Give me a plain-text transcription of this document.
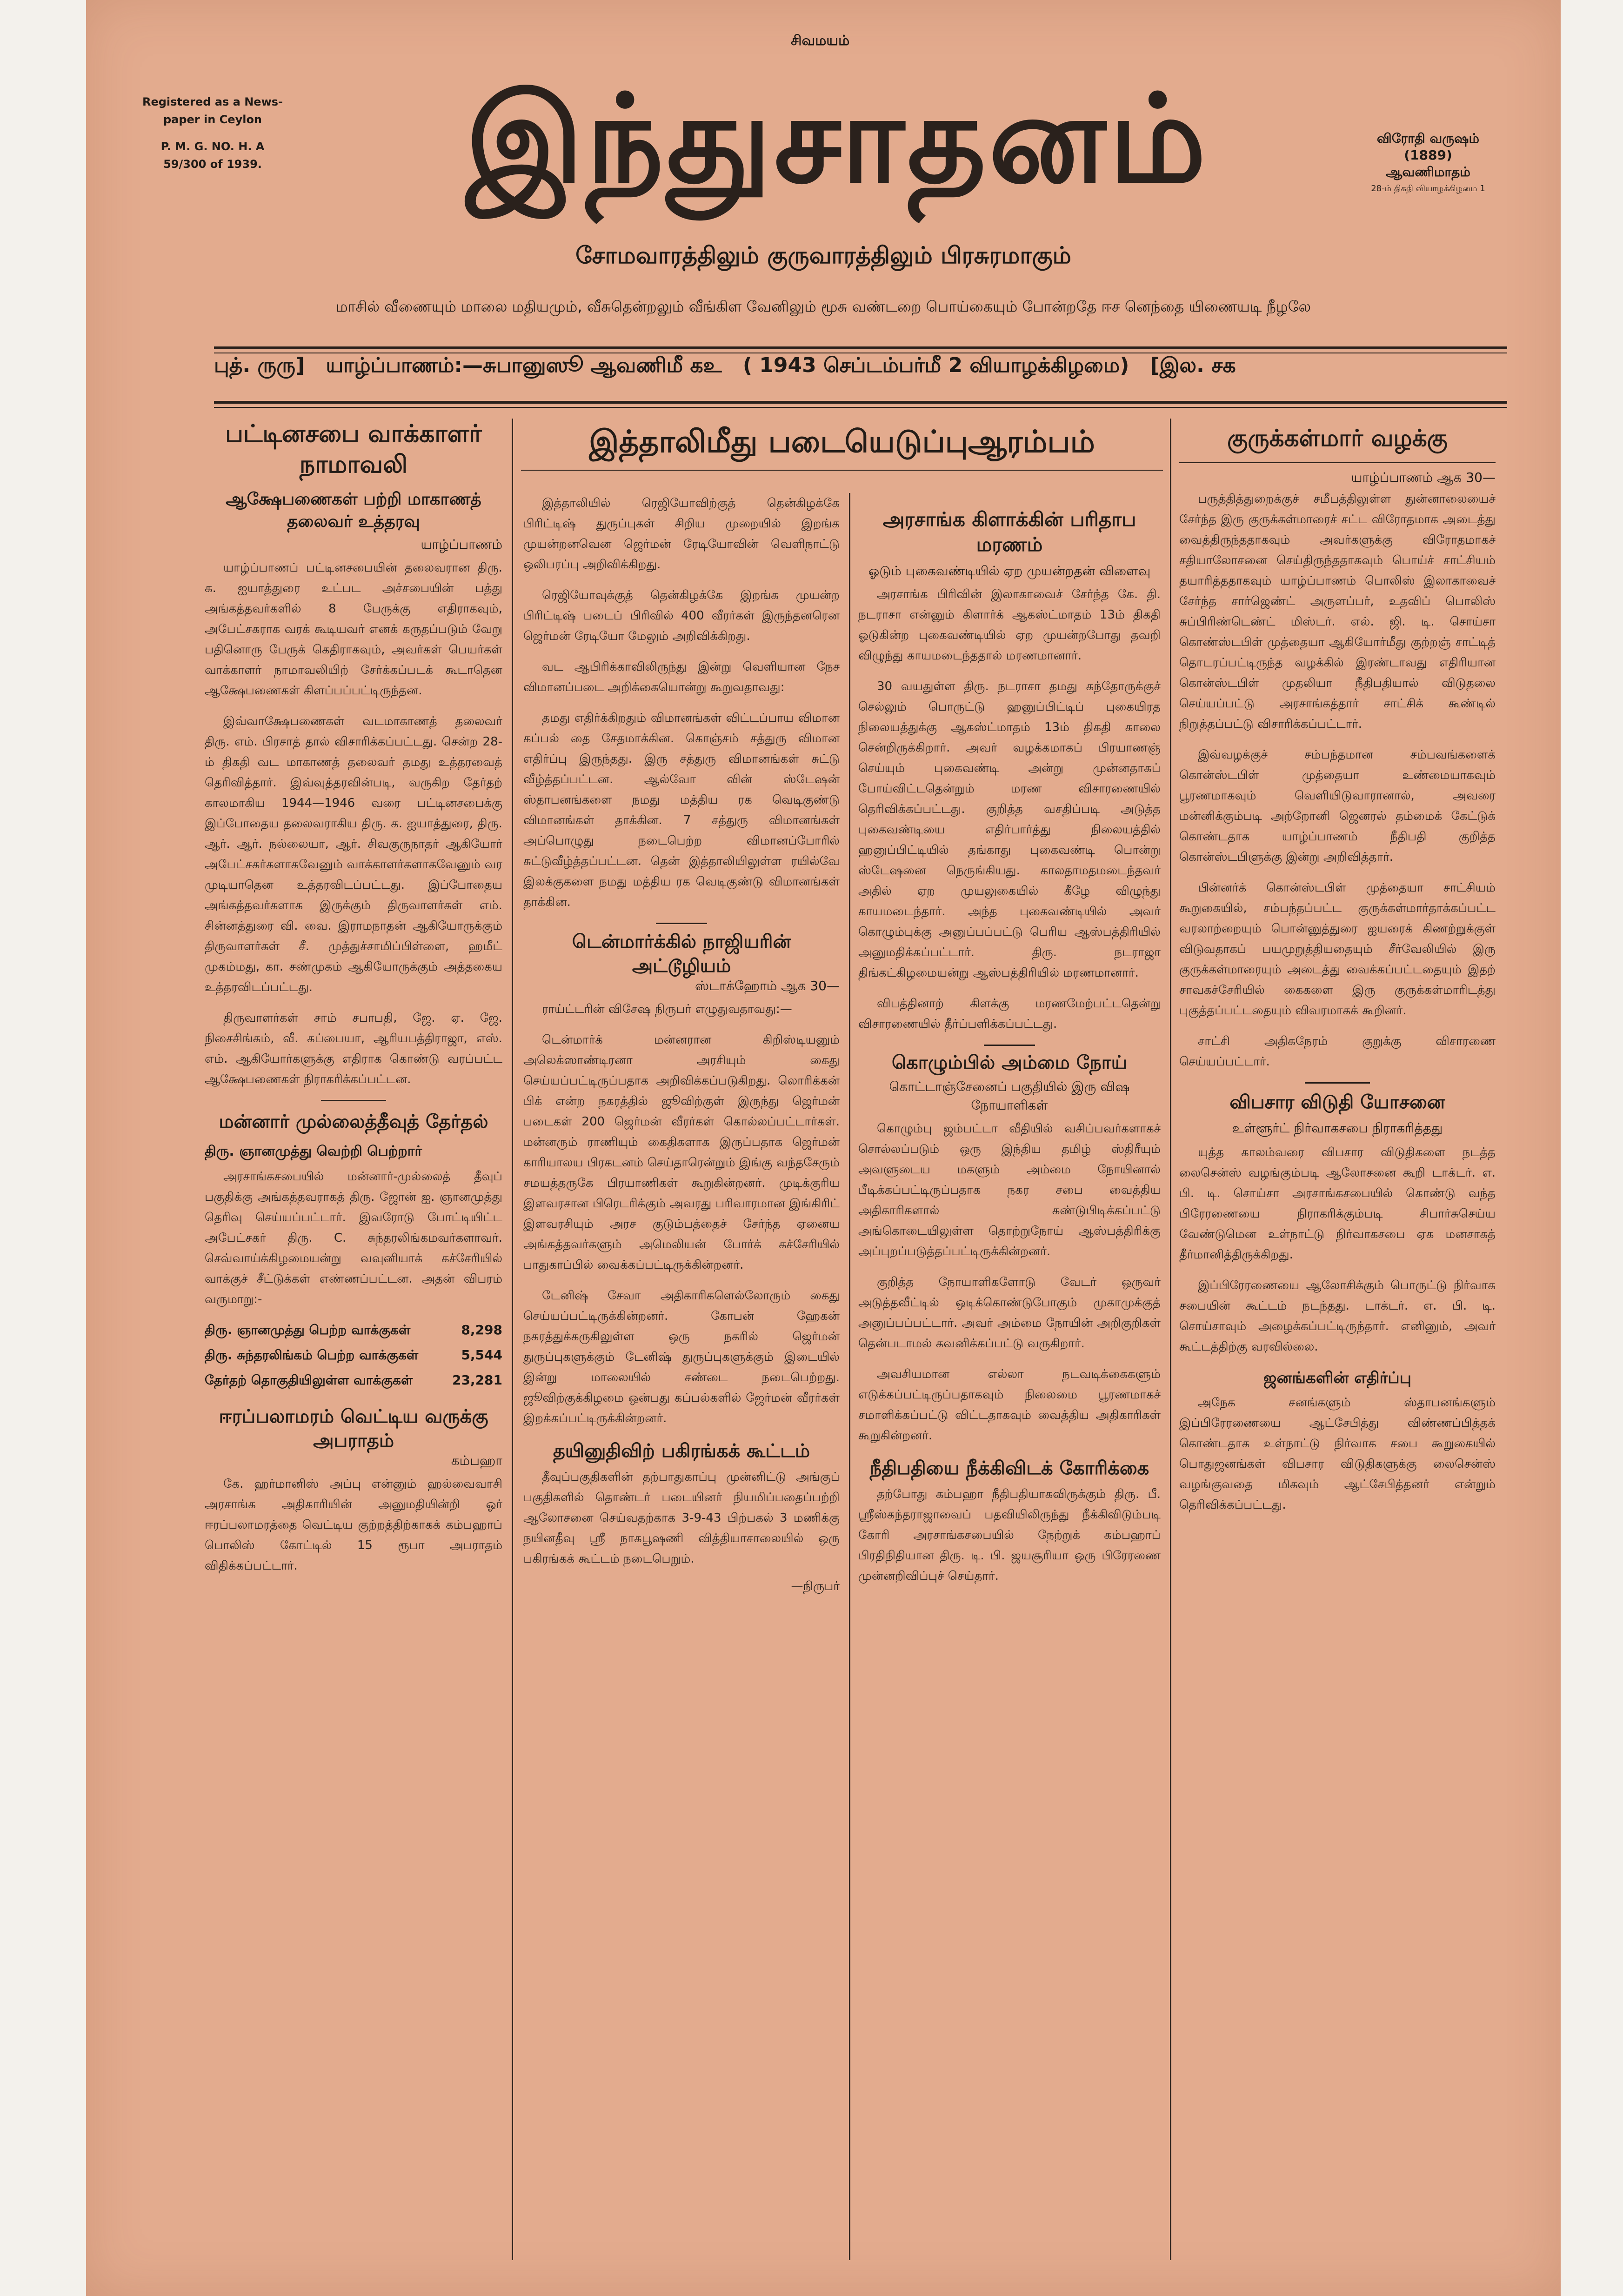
Registered as a News-
paper in Ceylon
P. M. G. NO. H. A
59/300 of 1939.
சிவமயம்
இந்துசாதனம்	விரோதி வருஷம்
(1889)
ஆவணிமாதம்
28-ம் திகதி வியாழக்கிழமை 1
சோமவாரத்திலும் குருவாரத்திலும் பிரசுரமாகும்
மாசில் வீணையும் மாலை மதியமும், வீசுதென்றலும் வீங்கிள வேனிலும் மூசு வண்டறை பொய்கையும் போன்றதே ஈச னெந்தை யிணையடி நீழலே
புத். ருரு] யாழ்ப்பாணம்:—சுபானுஸூ ஆவணிமீ கஉ ( 1943 செப்டம்பர்மீ 2 வியாழக்கிழமை) [இல. சக
பட்டினசபை வாக்காளர் நாமாவலி
ஆக்ஷேபணைகள் பற்றி மாகாணத் தலைவர் உத்தரவு
யாழ்ப்பாணம்

யாழ்ப்பாணப் பட்டினசபையின் தலைவரான திரு. க. ஐயாத்துரை உட்பட அச்சபையின் பத்து அங்கத்தவர்களில் 8 பேருக்கு எதிராகவும், அபேட்சகராக வரக் கூடியவர் எனக் கருதப்படும் வேறு பதினொரு பேருக் கெதிராகவும், அவர்கள் பெயர்கள் வாக்காளர் நாமாவலியிற் சேர்க்கப்படக் கூடாதென ஆக்ஷேபணைகள் கிளப்பப்பட்டிருந்தன.

இவ்வாக்ஷேபணைகள் வடமாகாணத் தலைவர் திரு. எம். பிரசாத் தால் விசாரிக்கப்பட்டது. சென்ற 28-ம் திகதி வட மாகாணத் தலைவர் தமது உத்தரவைத் தெரிவித்தார். இவ்வுத்தரவின்படி, வருகிற தேர்தற் காலமாகிய 1944—1946 வரை பட்டினசபைக்கு இப்போதைய தலைவராகிய திரு. க. ஐயாத்துரை, திரு. ஆர். ஆர். நல்லையா, ஆர். சிவகுருநாதர் ஆகியோர் அபேட்சகர்களாகவேனும் வாக்காளர்களாகவேனும் வர முடியாதென உத்தரவிடப்பட்டது. இப்போதைய அங்கத்தவர்களாக இருக்கும் திருவாளர்கள் எம். சின்னத்துரை வி. வை. இராமநாதன் ஆகியோருக்கும் திருவாளர்கள் சீ. முத்துச்சாமிப்பிள்ளை, ஹமீட் முகம்மது, கா. சண்முகம் ஆகியோருக்கும் அத்தகைய உத்தரவிடப்பட்டது.

திருவாளர்கள் சாம் சபாபதி, ஜே. ஏ. ஜே. நிசைசிங்கம், வீ. கப்பையா, ஆரியபத்திராஜா, எஸ். எம். ஆகியோர்களுக்கு எதிராக கொண்டு வரப்பட்ட ஆக்ஷேபணைகள் நிராகரிக்கப்பட்டன.

மன்னார் முல்லைத்தீவுத் தேர்தல்
திரு. ஞானமுத்து வெற்றி பெற்றார்

அரசாங்கசபையில் மன்னார்-முல்லைத் தீவுப் பகுதிக்கு அங்கத்தவராகத் திரு. ஜோன் ஐ. ஞானமுத்து தெரிவு செய்யப்பட்டார். இவரோடு போட்டியிட்ட அபேட்சகர் திரு. C. சுந்தரலிங்கமவர்களாவர். செவ்வாய்க்கிழமையன்று வவுனியாக் கச்சேரியில் வாக்குச் சீட்டுக்கள் எண்ணப்பட்டன. அதன் விபரம் வருமாறு:-

திரு. ஞானமுத்து பெற்ற வாக்குகள்	8,298
திரு. சுந்தரலிங்கம் பெற்ற வாக்குகள்	5,544
தேர்தற் தொகுதியிலுள்ள வாக்குகள்	23,281
ஈரப்பலாமரம் வெட்டிய வருக்கு அபராதம்
கம்பஹா

கே. ஹர்மானிஸ் அப்பு என்னும் ஹல்வைவாசி அரசாங்க அதிகாரியின் அனுமதியின்றி ஓர் ஈரப்பலாமரத்தை வெட்டிய குற்றத்திற்காகக் கம்பஹாப் பொலிஸ் கோட்டில் 15 ரூபா அபராதம் விதிக்கப்பட்டார்.

இத்தாலிமீது படையெடுப்புஆரம்பம்

இத்தாலியில் ரெஜியோவிற்குத் தென்கிழக்கே பிரிட்டிஷ் துருப்புகள் சிறிய முறையில் இறங்க முயன்றனவென ஜெர்மன் ரேடியோவின் வெளிநாட்டு ஒலிபரப்பு அறிவிக்கிறது.

ரெஜியோவுக்குத் தென்கிழக்கே இறங்க முயன்ற பிரிட்டிஷ் படைப் பிரிவில் 400 வீரர்கள் இருந்தனரென ஜெர்மன் ரேடியோ மேலும் அறிவிக்கிறது.

வட ஆபிரிக்காவிலிருந்து இன்று வெளியான நேச விமானப்படை அறிக்கையொன்று கூறுவதாவது:

தமது எதிர்க்கிறதும் விமானங்கள் விட்டப்பாய விமான கப்பல் தை சேதமாக்கின. கொஞ்சம் சத்துரு விமான எதிர்ப்பு இருந்தது. இரு சத்துரு விமானங்கள் சுட்டு வீழ்த்தப்பட்டன. ஆல்வோ வின் ஸ்டேஷன் ஸ்தாபனங்களை நமது மத்திய ரக வெடிகுண்டு விமானங்கள் தாக்கின. 7 சத்துரு விமானங்கள் அப்பொழுது நடைபெற்ற விமானப்போரில் சுட்டுவீழ்த்தப்பட்டன. தென் இத்தாலியிலுள்ள ரயில்வே இலக்குகளை நமது மத்திய ரக வெடிகுண்டு விமானங்கள் தாக்கின.

டென்மார்க்கில் நாஜியரின் அட்டூழியம்
ஸ்டாக்ஹோம் ஆக 30—

ராய்ட்டரின் விசேஷ நிருபர் எழுதுவதாவது:—

டென்மார்க் மன்னரான கிறிஸ்டியனும் அலெக்ஸாண்டிரனா அரசியும் கைது செய்யப்பட்டிருப்பதாக அறிவிக்கப்படுகிறது. லொரிக்கன் பிக் என்ற நகரத்தில் ஜூவிற்குள் இருந்து ஜெர்மன் படைகள் 200 ஜெர்மன் வீரர்கள் கொல்லப்பட்டார்கள். மன்னரும் ராணியும் கைதிகளாக இருப்பதாக ஜெர்மன் காரியாலய பிரகடனம் செய்தாரென்றும் இங்கு வந்தசேரும் சமயத்தருகே பிரயாணிகள் கூறுகின்றனர். முடிக்குரிய இளவரசான பிரெடரிக்கும் அவரது பரிவாரமான இங்கிரிட் இளவரசியும் அரச குடும்பத்தைச் சேர்ந்த ஏனைய அங்கத்தவர்களும் அமெலியன் போர்க் கச்சேரியில் பாதுகாப்பில் வைக்கப்பட்டிருக்கின்றனர்.

டேனிஷ் சேவா அதிகாரிகளெல்லோரும் கைது செய்யப்பட்டிருக்கின்றனர். கோபன் ஹேகன் நகரத்துக்கருகிலுள்ள ஒரு நகரில் ஜெர்மன் துருப்புகளுக்கும் டேனிஷ் துருப்புகளுக்கும் இடையில் இன்று மாலையில் சண்டை நடைபெற்றது. ஜூவிற்குக்கிழமை ஒன்பது கப்பல்களில் ஜேர்மன் வீரர்கள் இறக்கப்பட்டிருக்கின்றனர்.

தயினுதிவிற் பகிரங்கக் கூட்டம்

தீவுப்பகுதிகளின் தற்பாதுகாப்பு முன்னிட்டு அங்குப் பகுதிகளில் தொண்டர் படையினர் நியமிப்பதைப்பற்றி ஆலோசனை செய்வதற்காக 3-9-43 பிற்பகல் 3 மணிக்கு நயினதீவு ஸ்ரீ நாகபூஷணி வித்தியாசாலையில் ஒரு பகிரங்கக் கூட்டம் நடைபெறும்.

—நிருபர்
அரசாங்க கிளாக்கின் பரிதாப மரணம்
ஓடும் புகைவண்டியில் ஏற முயன்றதன் விளைவு

அரசாங்க பிரிவின் இலாகாவைச் சேர்ந்த கே. தி. நடராசா என்னும் கிளார்க் ஆகஸ்ட்மாதம் 13ம் திகதி ஓடுகின்ற புகைவண்டியில் ஏற முயன்றபோது தவறி விழுந்து காயமடைந்ததால் மரணமானார்.

30 வயதுள்ள திரு. நடராசா தமது கந்தோருக்குச் செல்லும் பொருட்டு ஹனுப்பிட்டிப் புகையிரத நிலையத்துக்கு ஆகஸ்ட்மாதம் 13ம் திகதி காலை சென்றிருக்கிறார். அவர் வழக்கமாகப் பிரயாணஞ் செய்யும் புகைவண்டி அன்று முன்னதாகப் போய்விட்டதென்றும் மரண விசாரணையில் தெரிவிக்கப்பட்டது. குறித்த வசதிப்படி அடுத்த புகைவண்டியை எதிர்பார்த்து நிலையத்தில் ஹனுப்பிட்டியில் தங்காது புகைவண்டி பொன்று ஸ்டேஷனை நெருங்கியது. காலதாமதமடைந்தவர் அதில் ஏற முயலுகையில் கீழே விழுந்து காயமடைந்தார். அந்த புகைவண்டியில் அவர் கொழும்புக்கு அனுப்பப்பட்டு பெரிய ஆஸ்பத்திரியில் அனுமதிக்கப்பட்டார். திரு. நடராஜா திங்கட்கிழமையன்று ஆஸ்பத்திரியில் மரணமானார்.

விபத்தினாற் கிளக்கு மரணமேற்பட்டதென்று விசாரணையில் தீர்ப்பளிக்கப்பட்டது.

கொழும்பில் அம்மை நோய்
கொட்டாஞ்சேனைப் பகுதியில் இரு விஷ நோயாளிகள்

கொழும்பு ஜம்பட்டா வீதியில் வசிப்பவர்களாகச் சொல்லப்படும் ஒரு இந்திய தமிழ் ஸ்திரீயும் அவளுடைய மகளும் அம்மை நோயினால் பீடிக்கப்பட்டிருப்பதாக நகர சபை வைத்திய அதிகாரிகளால் கண்டுபிடிக்கப்பட்டு அங்கொடையிலுள்ள தொற்றுநோய் ஆஸ்பத்திரிக்கு அப்புறப்படுத்தப்பட்டிருக்கின்றனர்.

குறித்த நோயாளிகளோடு வேடர் ஒருவர் அடுத்தவீட்டில் ஒடிக்கொண்டுபோகும் முகாமுக்குத் அனுப்பப்பட்டார். அவர் அம்மை நோயின் அறிகுறிகள் தென்படாமல் கவனிக்கப்பட்டு வருகிறார்.

அவசியமான எல்லா நடவடிக்கைகளும் எடுக்கப்பட்டிருப்பதாகவும் நிலைமை பூரணமாகச் சமாளிக்கப்பட்டு விட்டதாகவும் வைத்திய அதிகாரிகள் கூறுகின்றனர்.

நீதிபதியை நீக்கிவிடக் கோரிக்கை

தற்போது கம்பஹா நீதிபதியாகவிருக்கும் திரு. பீ. ஸ்ரீஸ்கந்தராஜாவைப் பதவியிலிருந்து நீக்கிவிடும்படி கோரி அரசாங்கசபையில் நேற்றுக் கம்பஹாப் பிரதிநிதியான திரு. டி. பி. ஜயசூரியா ஒரு பிரேரணை முன்னறிவிப்புச் செய்தார்.

குருக்கள்மார் வழக்கு
யாழ்ப்பாணம் ஆக 30—

பருத்தித்துறைக்குச் சமீபத்திலுள்ள துன்னாலையைச் சேர்ந்த இரு குருக்கள்மாரைச் சட்ட விரோதமாக அடைத்து வைத்திருந்ததாகவும் அவர்களுக்கு விரோதமாகச் சதியாலோசனை செய்திருந்ததாகவும் பொய்ச் சாட்சியம் தயாரித்ததாகவும் யாழ்ப்பாணம் பொலிஸ் இலாகாவைச் சேர்ந்த சார்ஜெண்ட் அருளப்பர், உதவிப் பொலிஸ் சுப்பிரிண்டெண்ட் மிஸ்டர். எல். ஜி. டி. சொய்சா கொண்ஸ்டபிள் முத்தையா ஆகியோர்மீது குற்றஞ் சாட்டித் தொடரப்பட்டிருந்த வழக்கில் இரண்டாவது எதிரியான கொன்ஸ்டபிள் முதலியா நீதிபதியால் விடுதலை செய்யப்பட்டு அரசாங்கத்தார் சாட்சிக் கூண்டில் நிறுத்தப்பட்டு விசாரிக்கப்பட்டார்.

இவ்வழக்குச் சம்பந்தமான சம்பவங்களைக் கொன்ஸ்டபிள் முத்தையா உண்மையாகவும் பூரணமாகவும் வெளியிடுவாரானால், அவரை மன்னிக்கும்படி அற்றோனி ஜெனரல் தம்மைக் கேட்டுக் கொண்டதாக யாழ்ப்பாணம் நீதிபதி குறித்த கொன்ஸ்டபிளுக்கு இன்று அறிவித்தார்.

பின்னர்க் கொன்ஸ்டபிள் முத்தையா சாட்சியம் கூறுகையில், சம்பந்தப்பட்ட குருக்கள்மார்தாக்கப்பட்ட வரலாற்றையும் பொன்னுத்துரை ஐயரைக் கிணற்றுக்குள் விடுவதாகப் பயமுறுத்தியதையும் சீர்வேலியில் இரு குருக்கள்மாரையும் அடைத்து வைக்கப்பட்டதையும் இதற் சாவகச்சேரியில் கைகளை இரு குருக்கள்மாரிடத்து புகுத்தப்பட்டதையும் விவரமாகக் கூறினர்.

சாட்சி அதிகநேரம் குறுக்கு விசாரணை செய்யப்பட்டார்.

விபசார விடுதி யோசனை
உள்ளூர்ட் நிர்வாகசபை நிராகரித்தது

யுத்த காலம்வரை விபசார விடுதிகளை நடத்த லைசென்ஸ் வழங்கும்படி ஆலோசனை கூறி டாக்டர். எ. பி. டி. சொய்சா அரசாங்கசபையில் கொண்டு வந்த பிரேரணையை நிராகரிக்கும்படி சிபார்சுசெய்ய வேண்டுமென உள்நாட்டு நிர்வாகசபை ஏக மனசாகத் தீர்மானித்திருக்கிறது.

இப்பிரேரணையை ஆலோசிக்கும் பொருட்டு நிர்வாக சபையின் கூட்டம் நடந்தது. டாக்டர். எ. பி. டி. சொய்சாவும் அழைக்கப்பட்டிருந்தார். எனினும், அவர் கூட்டத்திற்கு வரவில்லை.

ஜனங்களின் எதிர்ப்பு

அநேக சனங்களும் ஸ்தாபனங்களும் இப்பிரேரணையை ஆட்சேபித்து விண்ணப்பித்தக் கொண்டதாக உள்நாட்டு நிர்வாக சபை கூறுகையில் பொதுஜனங்கள் விபசார விடுதிகளுக்கு லைசென்ஸ் வழங்குவதை மிகவும் ஆட்சேபித்தனர் என்றும் தெரிவிக்கப்பட்டது.
